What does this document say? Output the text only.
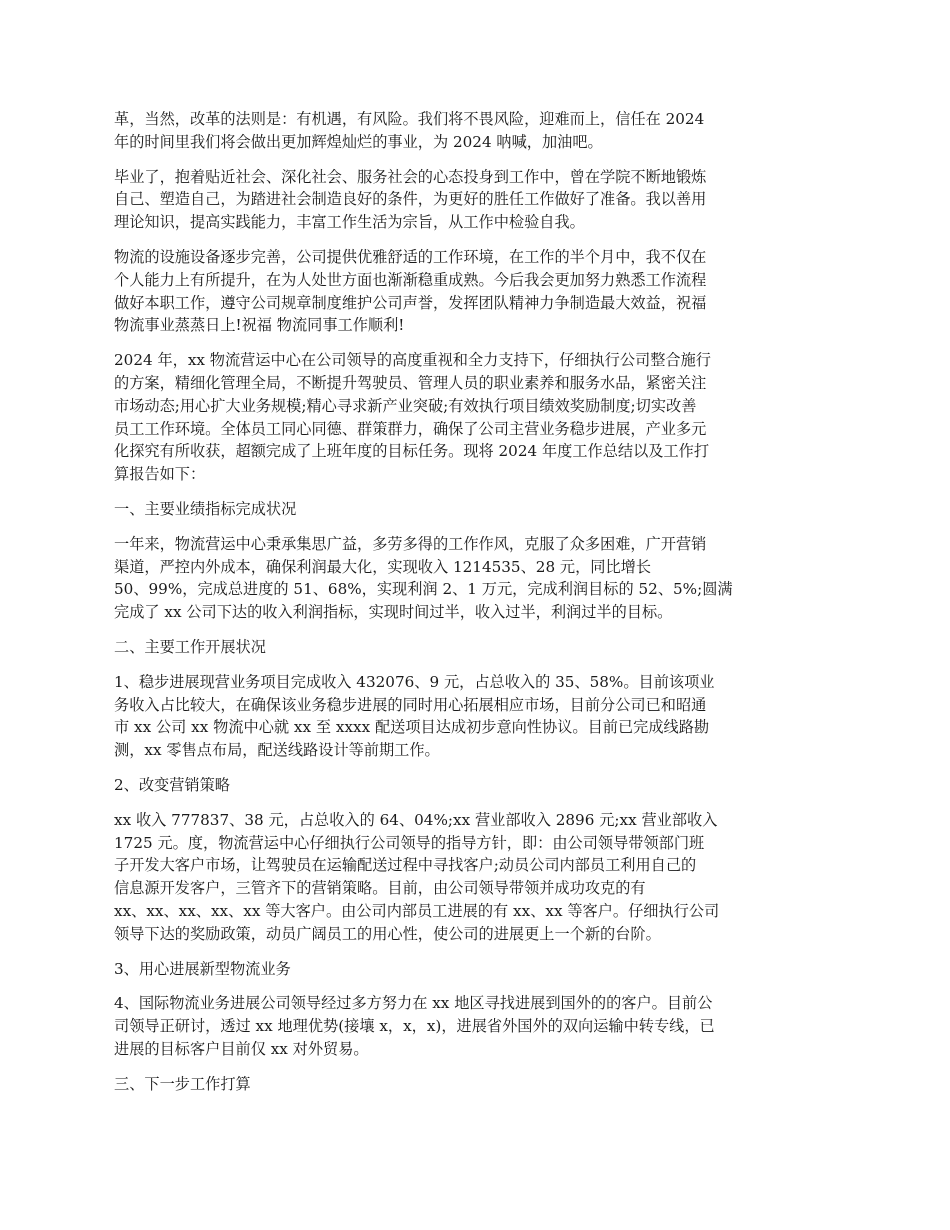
革，当然，改革的法则是：有机遇，有风险。我们将不畏风险，迎难而上，信任在 2024
年的时间里我们将会做出更加辉煌灿烂的事业，为 2024 呐喊，加油吧。

毕业了，抱着贴近社会、深化社会、服务社会的心态投身到工作中，曾在学院不断地锻炼
自己、塑造自己，为踏进社会制造良好的条件，为更好的胜任工作做好了准备。我以善用
理论知识，提高实践能力，丰富工作生活为宗旨，从工作中检验自我。

物流的设施设备逐步完善，公司提供优雅舒适的工作环境，在工作的半个月中，我不仅在
个人能力上有所提升，在为人处世方面也渐渐稳重成熟。今后我会更加努力熟悉工作流程
做好本职工作，遵守公司规章制度维护公司声誉，发挥团队精神力争制造最大效益，祝福
物流事业蒸蒸日上!祝福 物流同事工作顺利!

2024 年，xx 物流营运中心在公司领导的高度重视和全力支持下，仔细执行公司整合施行
的方案，精细化管理全局，不断提升驾驶员、管理人员的职业素养和服务水品，紧密关注
市场动态;用心扩大业务规模;精心寻求新产业突破;有效执行项目绩效奖励制度;切实改善
员工工作环境。全体员工同心同德、群策群力，确保了公司主营业务稳步进展，产业多元
化探究有所收获，超额完成了上班年度的目标任务。现将 2024 年度工作总结以及工作打
算报告如下：

一、主要业绩指标完成状况

一年来，物流营运中心秉承集思广益，多劳多得的工作作风，克服了众多困难，广开营销
渠道，严控内外成本，确保利润最大化，实现收入 1214535、28 元，同比增长
50、99%，完成总进度的 51、68%，实现利润 2、1 万元，完成利润目标的 52、5%;圆满
完成了 xx 公司下达的收入利润指标，实现时间过半，收入过半，利润过半的目标。

二、主要工作开展状况

1、稳步进展现营业务项目完成收入 432076、9 元，占总收入的 35、58%。目前该项业
务收入占比较大，在确保该业务稳步进展的同时用心拓展相应市场，目前分公司已和昭通
市 xx 公司 xx 物流中心就 xx 至 xxxx 配送项目达成初步意向性协议。目前已完成线路勘
测，xx 零售点布局，配送线路设计等前期工作。

2、改变营销策略

xx 收入 777837、38 元，占总收入的 64、04%;xx 营业部收入 2896 元;xx 营业部收入
1725 元。度，物流营运中心仔细执行公司领导的指导方针，即：由公司领导带领部门班
子开发大客户市场，让驾驶员在运输配送过程中寻找客户;动员公司内部员工利用自己的
信息源开发客户，三管齐下的营销策略。目前，由公司领导带领并成功攻克的有
xx、xx、xx、xx、xx 等大客户。由公司内部员工进展的有 xx、xx 等客户。仔细执行公司
领导下达的奖励政策，动员广阔员工的用心性，使公司的进展更上一个新的台阶。

3、用心进展新型物流业务

4、国际物流业务进展公司领导经过多方努力在 xx 地区寻找进展到国外的的客户。目前公
司领导正研讨，透过 xx 地理优势(接壤 x，x，x)，进展省外国外的双向运输中转专线，已
进展的目标客户目前仅 xx 对外贸易。

三、下一步工作打算
